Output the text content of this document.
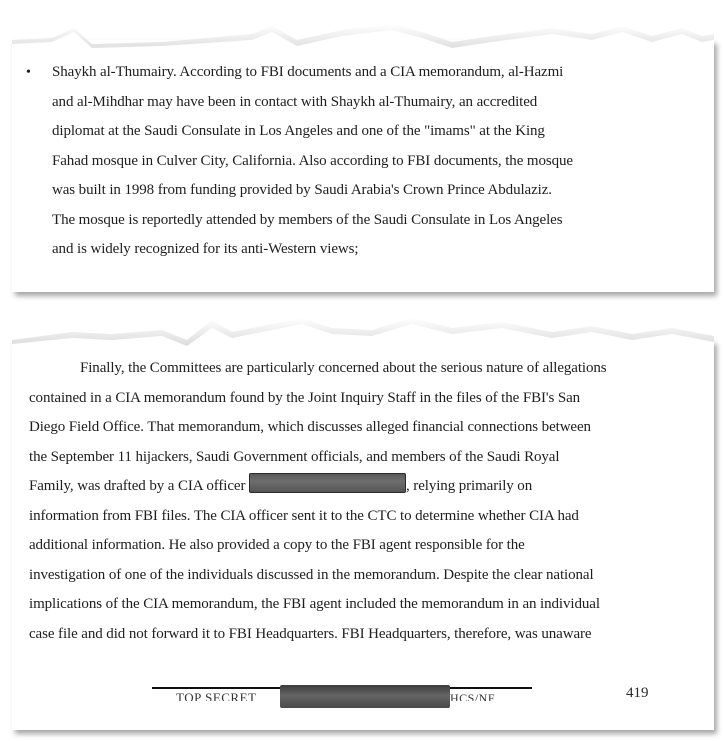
• Shaykh al-Thumairy. According to FBI documents and a CIA memorandum, al-Hazmi
and al-Mihdhar may have been in contact with Shaykh al-Thumairy, an accredited
diplomat at the Saudi Consulate in Los Angeles and one of the "imams" at the King
Fahad mosque in Culver City, California. Also according to FBI documents, the mosque
was built in 1998 from funding provided by Saudi Arabia's Crown Prince Abdulaziz.
The mosque is reportedly attended by members of the Saudi Consulate in Los Angeles
and is widely recognized for its anti-Western views;
Finally, the Committees are particularly concerned about the serious nature of allegations
contained in a CIA memorandum found by the Joint Inquiry Staff in the files of the FBI's San
Diego Field Office. That memorandum, which discusses alleged financial connections between
the September 11 hijackers, Saudi Government officials, and members of the Saudi Royal
Family, was drafted by a CIA officer	, relying primarily on
information from FBI files. The CIA officer sent it to the CTC to determine whether CIA had
additional information. He also provided a copy to the FBI agent responsible for the
investigation of one of the individuals discussed in the memorandum. Despite the clear national
implications of the CIA memorandum, the FBI agent included the memorandum in an individual
case file and did not forward it to FBI Headquarters. FBI Headquarters, therefore, was unaware
TOP SECRET	HCS/NF	419
